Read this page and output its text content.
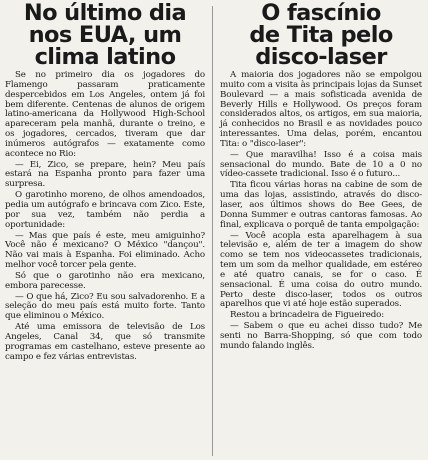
No último dia
nos EUA, um
clima latino

Se no primeiro dia os jogadores do Flamengo passaram praticamente despercebidos em Los Angeles, ontem já foi bem diferente. Centenas de alunos de origem latino-americana da Hollywood High-School apareceram pela manhã, durante o treino, e os jogadores, cercados, tiveram que dar inúmeros autógrafos — exatamente como acontece no Rio:

— Ei, Zico, se prepare, hein? Meu país estará na Espanha pronto para fazer uma surpresa.

O garotinho moreno, de olhos amendoados, pedia um autógrafo e brincava com Zico. Este, por sua vez, também não perdia a oportunidade:

— Mas que país é este, meu amiguinho? Você não é mexicano? O México "dançou". Não vai mais à Espanha. Foi eliminado. Acho melhor você torcer pela gente.

Só que o garotinho não era mexicano, embora parecesse.

— O que há, Zico? Eu sou salvadorenho. E a seleção do meu país está muito forte. Tanto que eliminou o México.

Até uma emissora de televisão de Los Angeles, Canal 34, que só transmite programas em castelhano, esteve presente ao campo e fez várias entrevistas.

O fascínio
de Tita pelo
disco-laser

A maioria dos jogadores não se empolgou muito com a visita às principais lojas da Sunset Boulevard — a mais sofisticada avenida de Beverly Hills e Hollywood. Os preços foram considerados altos, os artigos, em sua maioria, já conhecidos no Brasil e as novidades pouco interessantes. Uma delas, porém, encantou Tita: o "disco-laser":

— Que maravilha! Isso é a coisa mais sensacional do mundo. Bate de 10 a 0 no vídeo-cassete tradicional. Isso é o futuro...

Tita ficou várias horas na cabine de som de uma das lojas, assistindo, através do disco-laser, aos últimos shows do Bee Gees, de Donna Summer e outras cantoras famosas. Ao final, explicava o porquê de tanta empolgação:

— Você acopla esta aparelhagem à sua televisão e, além de ter a imagem do show como se tem nos videocassetes tradicionais, tem um som da melhor qualidade, em estéreo e até quatro canais, se for o caso. É sensacional. É uma coisa do outro mundo. Perto deste disco-laser, todos os outros aparelhos que vi até hoje estão superados.

Restou a brincadeira de Figueiredo:

— Sabem o que eu achei disso tudo? Me senti no Barra-Shopping, só que com todo mundo falando inglês.
